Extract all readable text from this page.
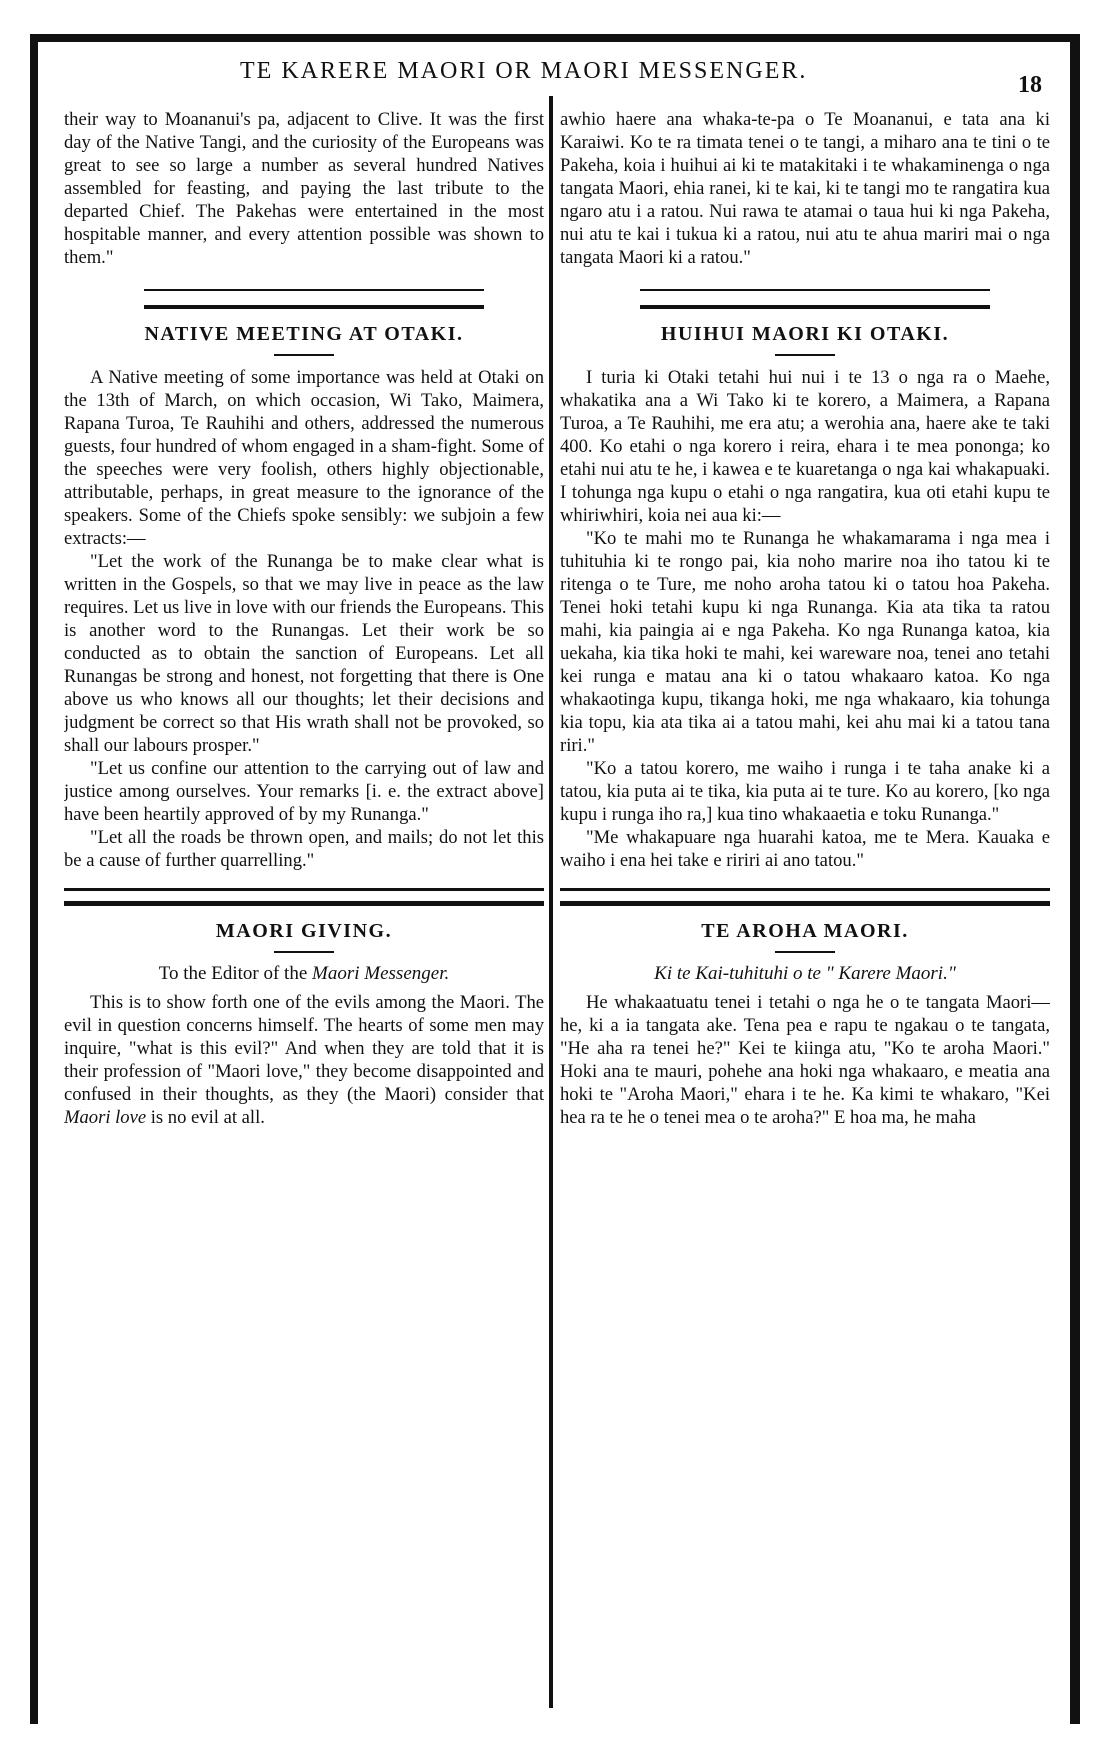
TE KARERE MAORI OR MAORI MESSENGER.
18

their way to Moananui's pa, adjacent to Clive. It was the first day of the Native Tangi, and the curiosity of the Europeans was great to see so large a number as several hundred Natives assembled for feasting, and paying the last tribute to the departed Chief. The Pakehas were entertained in the most hospitable manner, and every attention possible was shown to them."

NATIVE MEETING AT OTAKI.

A Native meeting of some importance was held at Otaki on the 13th of March, on which occasion, Wi Tako, Maimera, Rapana Turoa, Te Rauhihi and others, addressed the numerous guests, four hundred of whom engaged in a sham-fight. Some of the speeches were very foolish, others highly objectionable, attributable, perhaps, in great measure to the ignorance of the speakers. Some of the Chiefs spoke sensibly: we subjoin a few extracts:—

"Let the work of the Runanga be to make clear what is written in the Gospels, so that we may live in peace as the law requires. Let us live in love with our friends the Europeans. This is another word to the Runangas. Let their work be so conducted as to obtain the sanction of Europeans. Let all Runangas be strong and honest, not forgetting that there is One above us who knows all our thoughts; let their decisions and judgment be correct so that His wrath shall not be provoked, so shall our labours prosper."

"Let us confine our attention to the carrying out of law and justice among ourselves. Your remarks [i. e. the extract above] have been heartily approved of by my Runanga."

"Let all the roads be thrown open, and mails; do not let this be a cause of further quarrelling."

MAORI GIVING.
To the Editor of the Maori Messenger.

This is to show forth one of the evils among the Maori. The evil in question concerns himself. The hearts of some men may inquire, "what is this evil?" And when they are told that it is their profession of "Maori love," they become disappointed and confused in their thoughts, as they (the Maori) consider that Maori love is no evil at all.

awhio haere ana whaka-te-pa o Te Moananui, e tata ana ki Karaiwi. Ko te ra timata tenei o te tangi, a miharo ana te tini o te Pakeha, koia i huihui ai ki te matakitaki i te whakaminenga o nga tangata Maori, ehia ranei, ki te kai, ki te tangi mo te rangatira kua ngaro atu i a ratou. Nui rawa te atamai o taua hui ki nga Pakeha, nui atu te kai i tukua ki a ratou, nui atu te ahua mariri mai o nga tangata Maori ki a ratou."

HUIHUI MAORI KI OTAKI.

I turia ki Otaki tetahi hui nui i te 13 o nga ra o Maehe, whakatika ana a Wi Tako ki te korero, a Maimera, a Rapana Turoa, a Te Rauhihi, me era atu; a werohia ana, haere ake te taki 400. Ko etahi o nga korero i reira, ehara i te mea pononga; ko etahi nui atu te he, i kawea e te kuaretanga o nga kai whakapuaki. I tohunga nga kupu o etahi o nga rangatira, kua oti etahi kupu te whiriwhiri, koia nei aua ki:—

"Ko te mahi mo te Runanga he whakamarama i nga mea i tuhituhia ki te rongo pai, kia noho marire noa iho tatou ki te ritenga o te Ture, me noho aroha tatou ki o tatou hoa Pakeha. Tenei hoki tetahi kupu ki nga Runanga. Kia ata tika ta ratou mahi, kia paingia ai e nga Pakeha. Ko nga Runanga katoa, kia uekaha, kia tika hoki te mahi, kei wareware noa, tenei ano tetahi kei runga e matau ana ki o tatou whakaaro katoa. Ko nga whakaotinga kupu, tikanga hoki, me nga whakaaro, kia tohunga kia topu, kia ata tika ai a tatou mahi, kei ahu mai ki a tatou tana riri."

"Ko a tatou korero, me waiho i runga i te taha anake ki a tatou, kia puta ai te tika, kia puta ai te ture. Ko au korero, [ko nga kupu i runga iho ra,] kua tino whakaaetia e toku Runanga."

"Me whakapuare nga huarahi katoa, me te Mera. Kauaka e waiho i ena hei take e ririri ai ano tatou."

TE AROHA MAORI.
Ki te Kai-tuhituhi o te " Karere Maori."

He whakaatuatu tenei i tetahi o nga he o te tangata Maori—he, ki a ia tangata ake. Tena pea e rapu te ngakau o te tangata, "He aha ra tenei he?" Kei te kiinga atu, "Ko te aroha Maori." Hoki ana te mauri, pohehe ana hoki nga whakaaro, e meatia ana hoki te "Aroha Maori," ehara i te he. Ka kimi te whakaro, "Kei hea ra te he o tenei mea o te aroha?" E hoa ma, he maha
